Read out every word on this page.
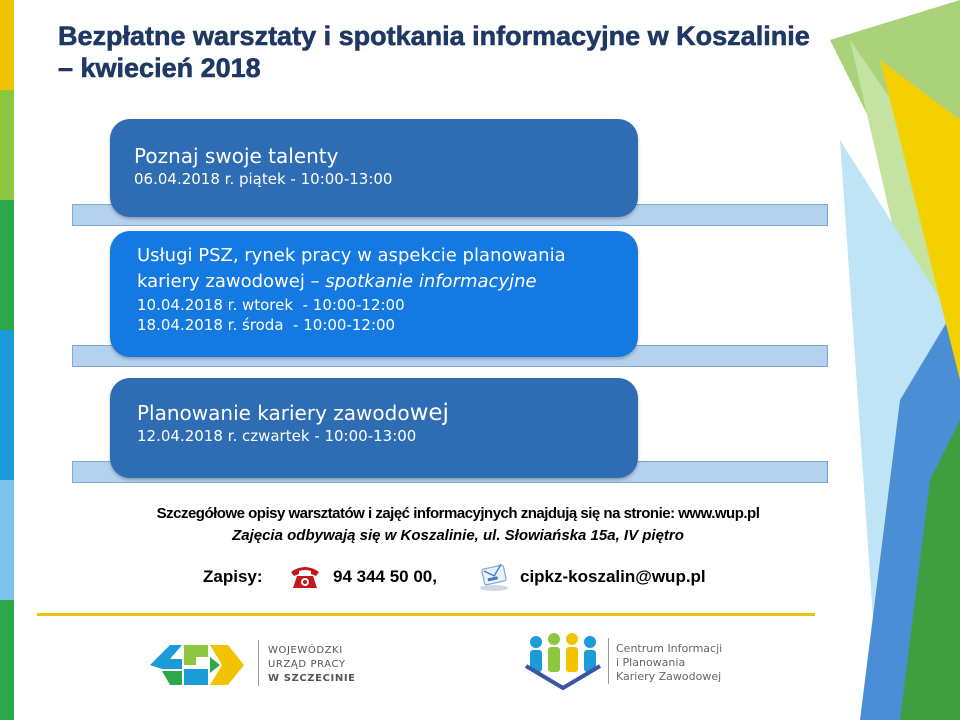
Bezpłatne warsztaty i spotkania informacyjne w Koszalinie
– kwiecień 2018
Poznaj swoje talenty
06.04.2018 r. piątek - 10:00-13:00
Usługi PSZ, rynek pracy w aspekcie planowania
kariery zawodowej – spotkanie informacyjne
10.04.2018 r. wtorek  - 10:00-12:00
18.04.2018 r. środa  - 10:00-12:00
Planowanie kariery zawodowej
12.04.2018 r. czwartek - 10:00-13:00
Szczegółowe opisy warsztatów i zajęć informacyjnych znajdują się na stronie: www.wup.pl
Zajęcia odbywają się w Koszalinie, ul. Słowiańska 15a, IV piętro
Zapisy:	94 344 50 00,	cipkz-koszalin@wup.pl
WOJEWÓDZKI
URZĄD PRACY
W SZCZECINIE
Centrum Informacji
i Planowania
Kariery Zawodowej
